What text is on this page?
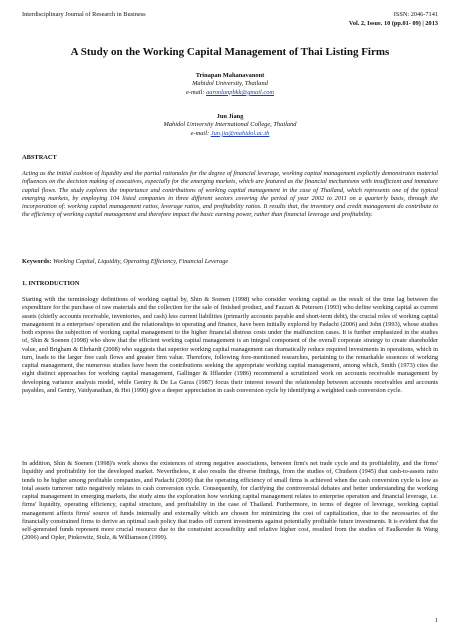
Interdisciplinary Journal of Research in Business	ISSN: 2046-7141
Vol. 2, Issue. 10 (pp.01- 09) | 2013
A Study on the Working Capital Management of Thai Listing Firms
Trinapan Mahanavanont
Mahidol University, Thailand
e-mail: aaronlanpbkk@gmail.com
Jun Jiang
Mahidol University International College, Thailand
e-mail: Jun.jia@mahidol.ac.th
ABSTRACT

Acting as the initial cushion of liquidity and the partial rationales for the degree of financial leverage, working capital management explicitly demonstrates material influences on the decision making of executives, especially for the emerging markets, which are featured as the financial mechanisms with insufficient and immature capital flows. The study explores the importance and contributions of working capital management in the case of Thailand, which represents one of the typical emerging markets, by employing 104 listed companies in three different sectors covering the period of year 2002 to 2011 on a quarterly basis, through the incorporation of: working capital management ratios, leverage ratios, and profitability ratios. It results that, the inventory and credit management do contribute to the efficiency of working capital management and therefore impact the basic earning power, rather than financial leverage and profitability.

Keywords: Working Capital, Liquidity, Operating Efficiency, Financial Leverage
1. INTRODUCTION

Starting with the terminology definitions of working capital by, Shin & Soenen (1998) who consider working capital as the result of the time lag between the expenditure for the purchase of raw materials and the collection for the sale of finished product, and Fazzari & Petersen (1993) who define working capital as current assets (chiefly accounts receivable, inventories, and cash) less current liabilities (primarily accounts payable and short-term debt), the crucial roles of working capital management in a enterprises' operation and the relationships to operating and finance, have been initially explored by Padachi (2006) and John (1993), whose studies both express the subjection of working capital management to the higher financial distress costs under the malfunction cases. It is further emphasized in the studies of, Shin & Soenen (1998) who show that the efficient working capital management is an integral component of the overall corporate strategy to create shareholder value, and Brigham & Ehrhardt (2008) who suggests that superior working capital management can dramatically reduce required investments in operations, which in turn, leads to the larger free cash flows and greater firm value. Therefore, following fore-mentioned researches, pertaining to the remarkable essences of working capital management, the numerous studies have been the contributions seeking the appropriate working capital management, among which, Smith (1973) cites the eight distinct approaches for working capital management, Gallinger & Ifflander (1986) recommend a scrutinized work on accounts receivable management by developing variance analysis model, while Gentry & De La Garza (1987) focus their interest toward the relationship between accounts receivables and accounts payables, and Gentry, Vaidyanathan, & Hei (1990) give a deeper appreciation in cash conversion cycle by identifying a weighted cash conversion cycle.

In addition, Shin & Soenen (1998)'s work shows the existences of strong negative associations, between firm's net trade cycle and its profitability, and the firms' liquidity and profitability for the developed market. Nevertheless, it also results the diverse findings, from the studies of, Chudson (1945) that cash-to-assets ratio tends to be higher among profitable companies, and Padachi (2006) that the operating efficiency of small firms is achieved when the cash conversion cycle is low as total assets turnover ratio negatively relates to cash conversion cycle. Consequently, for clarifying the controversial debates and better understanding the working capital management in emerging markets, the study aims the exploration how working capital management relates to enterprise operation and financial leverage, i.e. firms' liquidity, operating efficiency, capital structure, and profitability in the case of Thailand. Furthermore, in terms of degree of leverage, working capital management affects firms' source of funds internally and externally which are chosen for minimizing the cost of capitalization, due to the necessaries of the financially constrained firms to derive an optimal cash policy that trades off current investments against potentially profitable future investments. It is evident that the self-generated funds represent more crucial resource due to the constraint accessibility and relative higher cost, resulted from the studies of Faulkender & Wang (2006) and Opler, Pinkowitz, Stulz, & Williamson (1999).

1
